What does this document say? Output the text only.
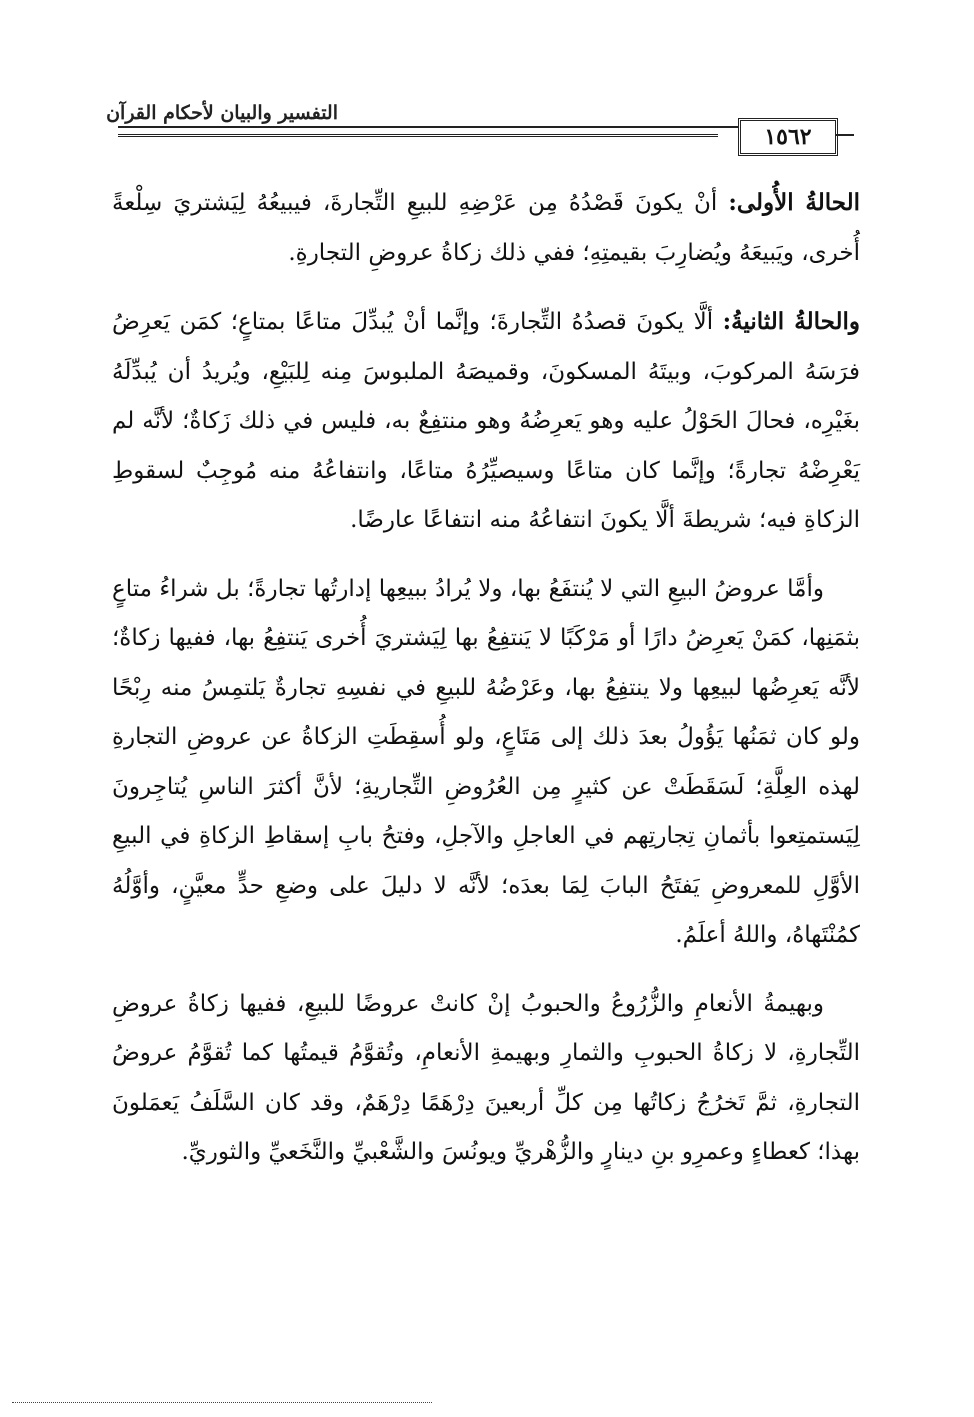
التفسير والبيان لأحكام القرآن
١٥٦٢

الحالةُ الأُولى: أنْ يكونَ قَصْدُهُ مِن عَرْضِهِ للبيعِ التِّجارةَ، فيبيعُهُ لِيَشتريَ سِلْعةً أُخرى، ويَبيعَهُ ويُضارِبَ بقيمتِهِ؛ ففي ذلك زكاةُ عروضِ التجارةِ.

والحالةُ الثانيةُ: ألَّا يكونَ قصدُهُ التِّجارةَ؛ وإنَّما أنْ يُبدِّلَ متاعًا بمتاعٍ؛ كمَن يَعرِضُ فرَسَهُ المركوبَ، وبيتَهُ المسكونَ، وقميصَهُ الملبوسَ مِنه لِلبَيْعِ، ويُريدُ أن يُبدِّلَهُ بغَيْرِه، فحالَ الحَوْلُ عليه وهو يَعرِضُهُ وهو منتفِعٌ به، فليس في ذلك زَكاةٌ؛ لأنَّه لم يَعْرِضْهُ تجارةً؛ وإنَّما كان متاعًا وسيصيِّرُهُ متاعًا، وانتفاعُهُ منه مُوجِبٌ لسقوطِ الزكاةِ فيه؛ شريطةَ ألَّا يكونَ انتفاعُهُ منه انتفاعًا عارضًا.

وأمَّا عروضُ البيعِ التي لا يُنتفَعُ بها، ولا يُرادُ ببيعِها إدارتُها تجارةً؛ بل شراءُ متاعٍ بثمَنِها، كمَنْ يَعرِضُ دارًا أو مَرْكَبًا لا يَنتفِعُ بها لِيَشتريَ أُخرى يَنتفِعُ بها، ففيها زكاةٌ؛ لأنَّه يَعرِضُها لبيعِها ولا ينتفِعُ بها، وعَرْضُهُ للبيعِ في نفسِهِ تجارةٌ يَلتمِسُ منه رِبْحًا ولو كان ثمَنُها يَؤُولُ بعدَ ذلك إلى مَتَاعٍ، ولو أُسقِطَتِ الزكاةُ عن عروضِ التجارةِ لهذه العِلَّةِ؛ لَسَقَطَتْ عن كثيرٍ مِن العُرُوضِ التِّجاريةِ؛ لأنَّ أكثرَ الناسِ يُتاجِرونَ لِيَستمتِعوا بأثمانِ تِجارتِهم في العاجلِ والآجلِ، وفتحُ بابِ إسقاطِ الزكاةِ في البيعِ الأوَّلِ للمعروضِ يَفتَحُ البابَ لِمَا بعدَه؛ لأنَّه لا دليلَ على وضعِ حدٍّ معيَّنٍ، وأوَّلُهُ كمُنْتَهاهُ، واللهُ أعلَمُ.

وبهيمةُ الأنعامِ والزُّرُوعُ والحبوبُ إنْ كانتْ عروضًا للبيعِ، ففيها زكاةُ عروضِ التِّجارةِ، لا زكاةُ الحبوبِ والثمارِ وبهيمةِ الأنعامِ، وتُقوَّمُ قيمتُها كما تُقوَّمُ عروضُ التجارةِ، ثمَّ تَخرُجُ زكاتُها مِن كلِّ أربعينَ دِرْهَمًا دِرْهَمٌ، وقد كان السَّلَفُ يَعمَلونَ بهذا؛ كعطاءٍ وعمرِو بنِ دينارٍ والزُّهْريِّ ويونُسَ والشَّعْبيِّ والنَّخَعيِّ والثوريِّ.
